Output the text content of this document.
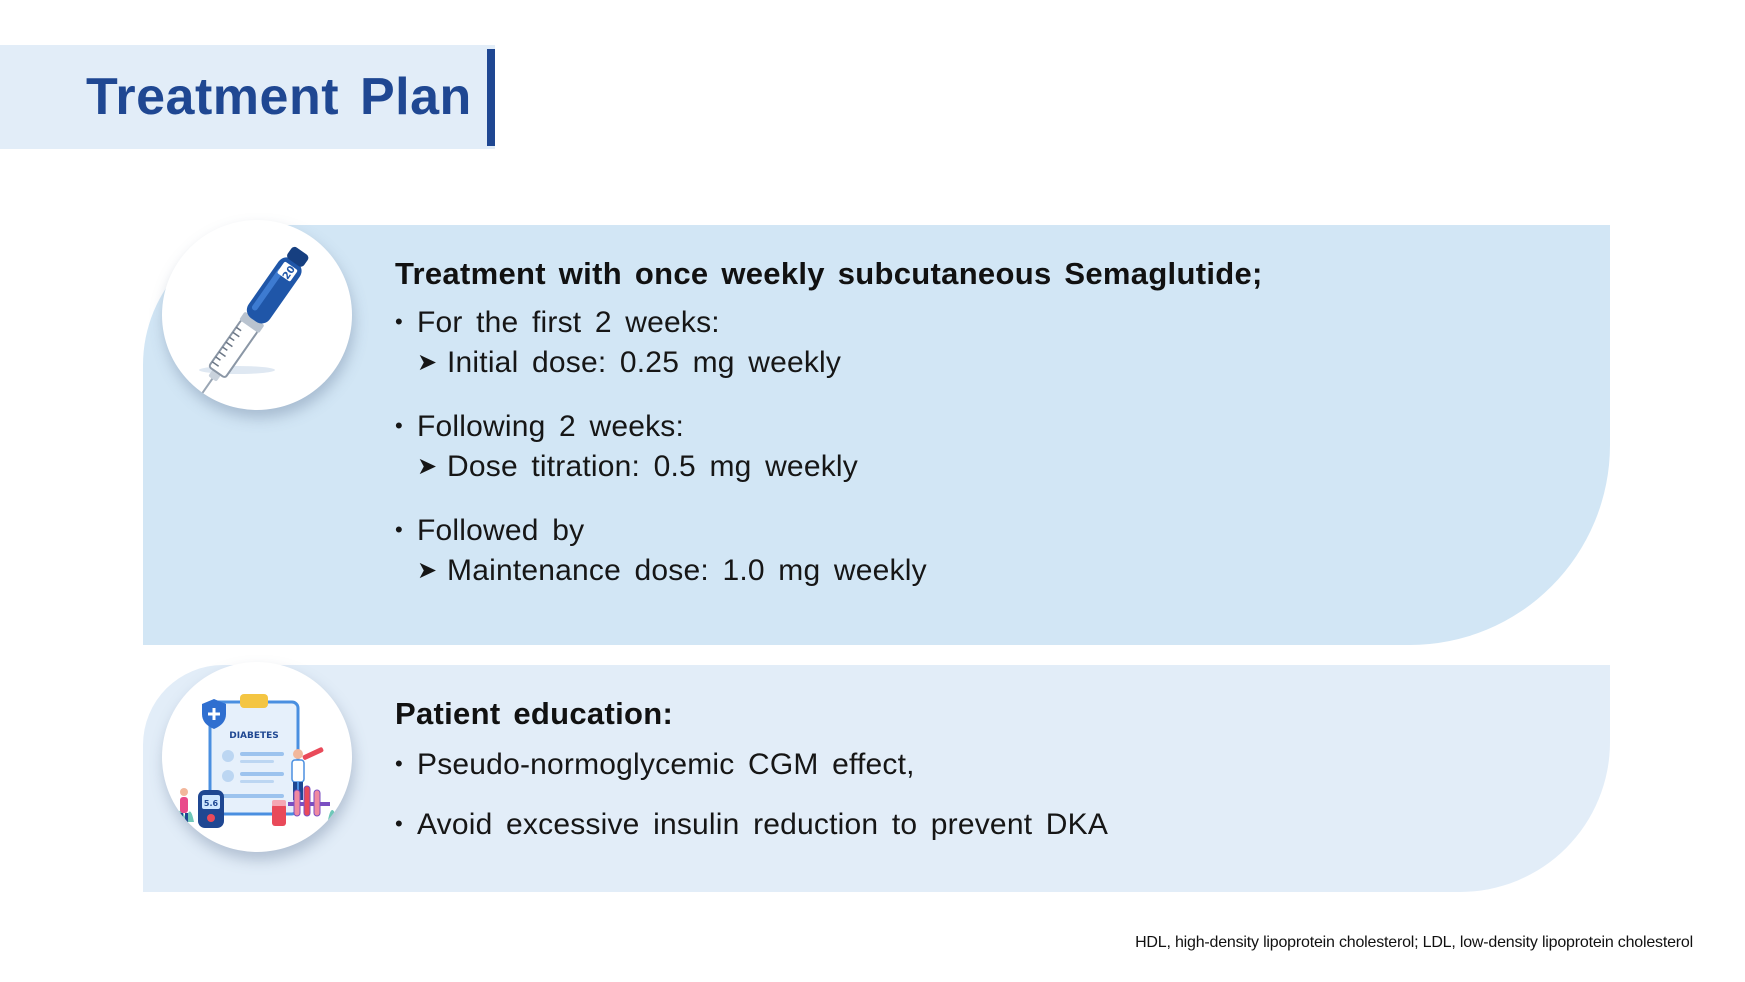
Treatment Plan
20	Treatment with once weekly subcutaneous Semaglutide;
• For the first 2 weeks:
➤ Initial dose: 0.25 mg weekly
• Following 2 weeks:
➤ Dose titration: 0.5 mg weekly
• Followed by
➤ Maintenance dose: 1.0 mg weekly
DIABETES
5.6
Patient education:
• Pseudo-normoglycemic CGM effect,
• Avoid excessive insulin reduction to prevent DKA
HDL, high-density lipoprotein cholesterol; LDL, low-density lipoprotein cholesterol
